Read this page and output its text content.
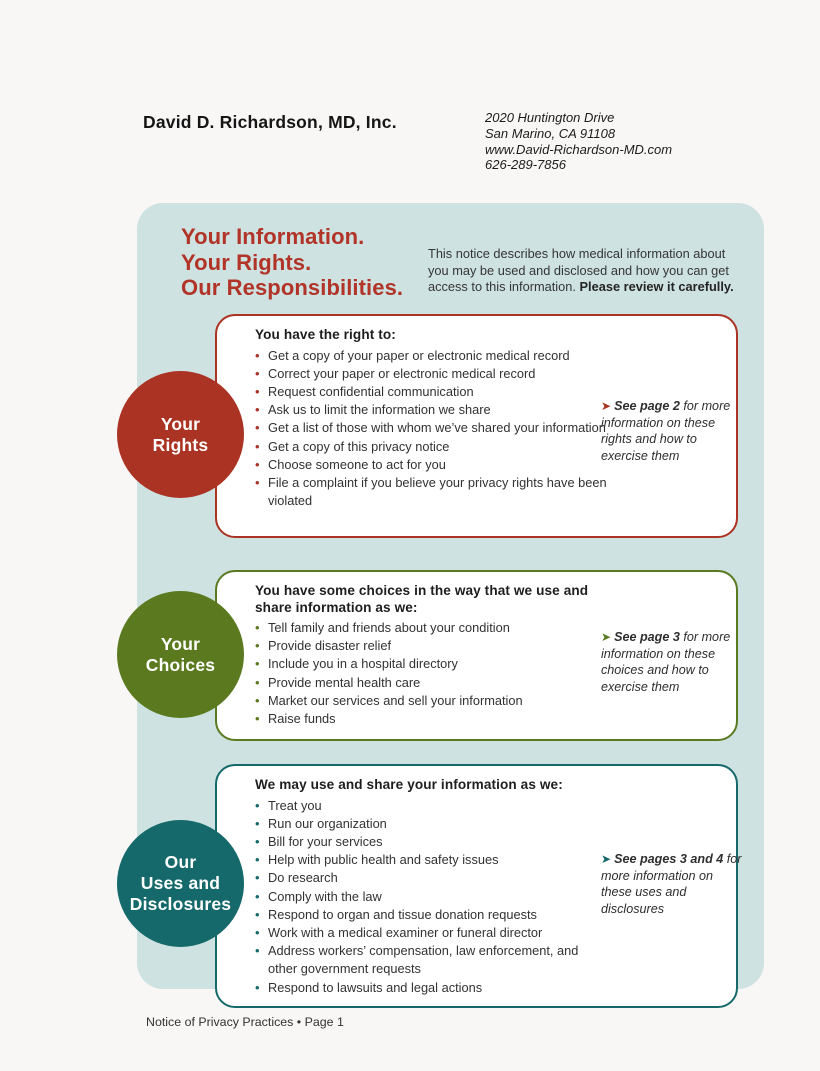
David D. Richardson, MD, Inc.	2020 Huntington Drive
San Marino, CA 91108
www.David-Richardson-MD.com
626-289-7856
Your Information.
Your Rights.
Our Responsibilities.

This notice describes how medical information about you may be used and disclosed and how you can get access to this information. Please review it carefully.

You have the right to:
• Get a copy of your paper or electronic medical record
• Correct your paper or electronic medical record
• Request confidential communication
• Ask us to limit the information we share
• Get a list of those with whom we’ve shared your information
• Get a copy of this privacy notice
• Choose someone to act for you
• File a complaint if you believe your privacy rights have been violated
➤ See page 2 for more information on these rights and how to exercise them
Your
Rights
You have some choices in the way that we use and share information as we:
• Tell family and friends about your condition
• Provide disaster relief
• Include you in a hospital directory
• Provide mental health care
• Market our services and sell your information
• Raise funds
➤ See page 3 for more information on these choices and how to exercise them
Your
Choices
We may use and share your information as we:
• Treat you
• Run our organization
• Bill for your services
• Help with public health and safety issues
• Do research
• Comply with the law
• Respond to organ and tissue donation requests
• Work with a medical examiner or funeral director
• Address workers’ compensation, law enforcement, and other government requests
• Respond to lawsuits and legal actions
➤ See pages 3 and 4 for more information on these uses and disclosures
Our
Uses and
Disclosures
Notice of Privacy Practices • Page 1
